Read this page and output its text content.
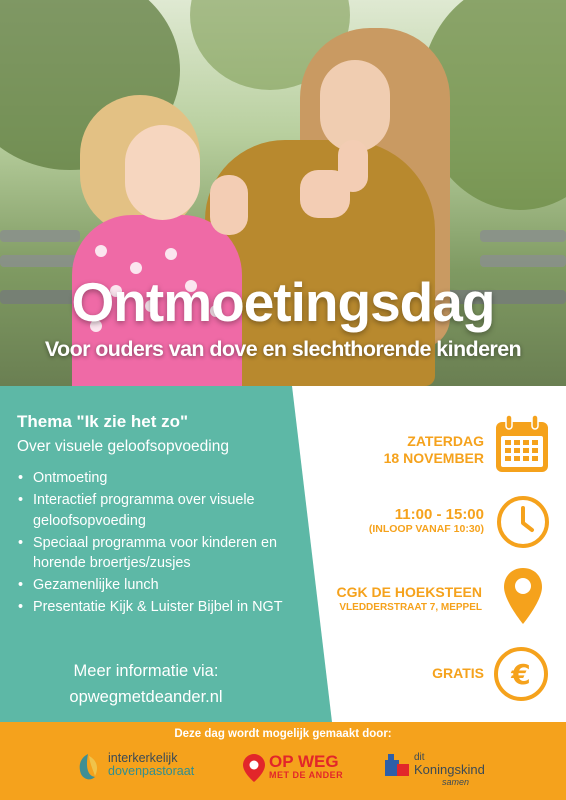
Ontmoetingsdag
Voor ouders van dove en slechthorende kinderen

Thema "Ik zie het zo"

Over visuele geloofsopvoeding

• Ontmoeting
• Interactief programma over visuele geloofsopvoeding
• Speciaal programma voor kinderen en horende broertjes/zusjes
• Gezamenlijke lunch
• Presentatie Kijk & Luister Bijbel in NGT
Meer informatie via:
opwegmetdeander.nl
ZATERDAG
18 NOVEMBER
11:00 - 15:00
(INLOOP VANAF 10:30)
CGK DE HOEKSTEEN
VLEDDERSTRAAT 7, MEPPEL
GRATIS €
Deze dag wordt mogelijk gemaakt door:
interkerkelijk
dovenpastoraat	OP WEG
MET DE ANDER
dit
Koningskind
samen
